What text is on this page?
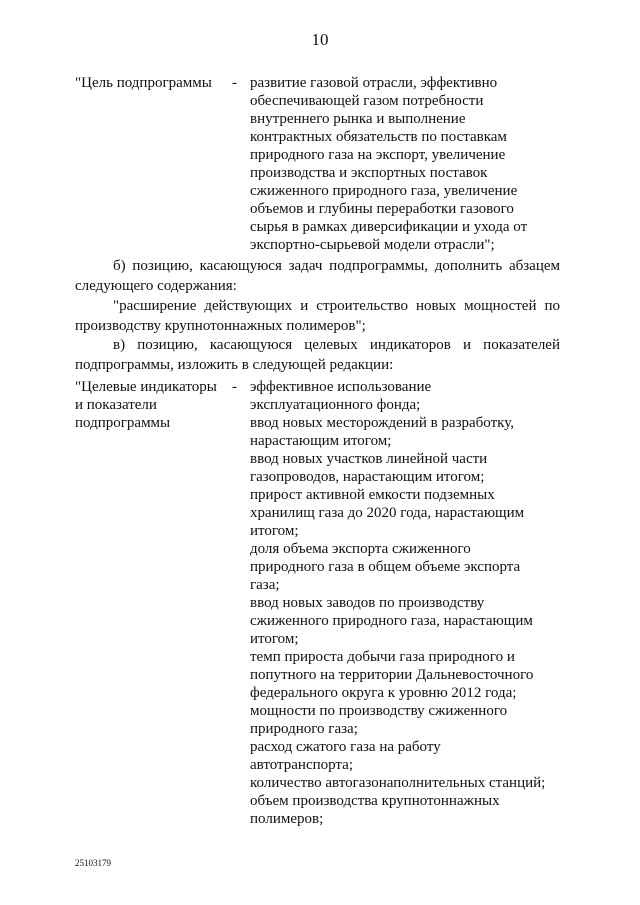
10
"Цель подпрограммы - развитие газовой отрасли, эффективно
обеспечивающей газом потребности
внутреннего рынка и выполнение
контрактных обязательств по поставкам
природного газа на экспорт, увеличение
производства и экспортных поставок
сжиженного природного газа, увеличение
объемов и глубины переработки газового
сырья в рамках диверсификации и ухода от
экспортно-сырьевой модели отрасли";
б) позицию, касающуюся задач подпрограммы, дополнить абзацем
следующего содержания:
"расширение действующих и строительство новых мощностей по
производству крупнотоннажных полимеров";
в) позицию, касающуюся целевых индикаторов и показателей
подпрограммы, изложить в следующей редакции:
"Целевые индикаторы
и показатели
подпрограммы
- эффективное использование
эксплуатационного фонда;
ввод новых месторождений в разработку,
нарастающим итогом;
ввод новых участков линейной части
газопроводов, нарастающим итогом;
прирост активной емкости подземных
хранилищ газа до 2020 года, нарастающим
итогом;
доля объема экспорта сжиженного
природного газа в общем объеме экспорта
газа;
ввод новых заводов по производству
сжиженного природного газа, нарастающим
итогом;
темп прироста добычи газа природного и
попутного на территории Дальневосточного
федерального округа к уровню 2012 года;
мощности по производству сжиженного
природного газа;
расход сжатого газа на работу
автотранспорта;
количество автогазонаполнительных станций;
объем производства крупнотоннажных
полимеров;
25103179
